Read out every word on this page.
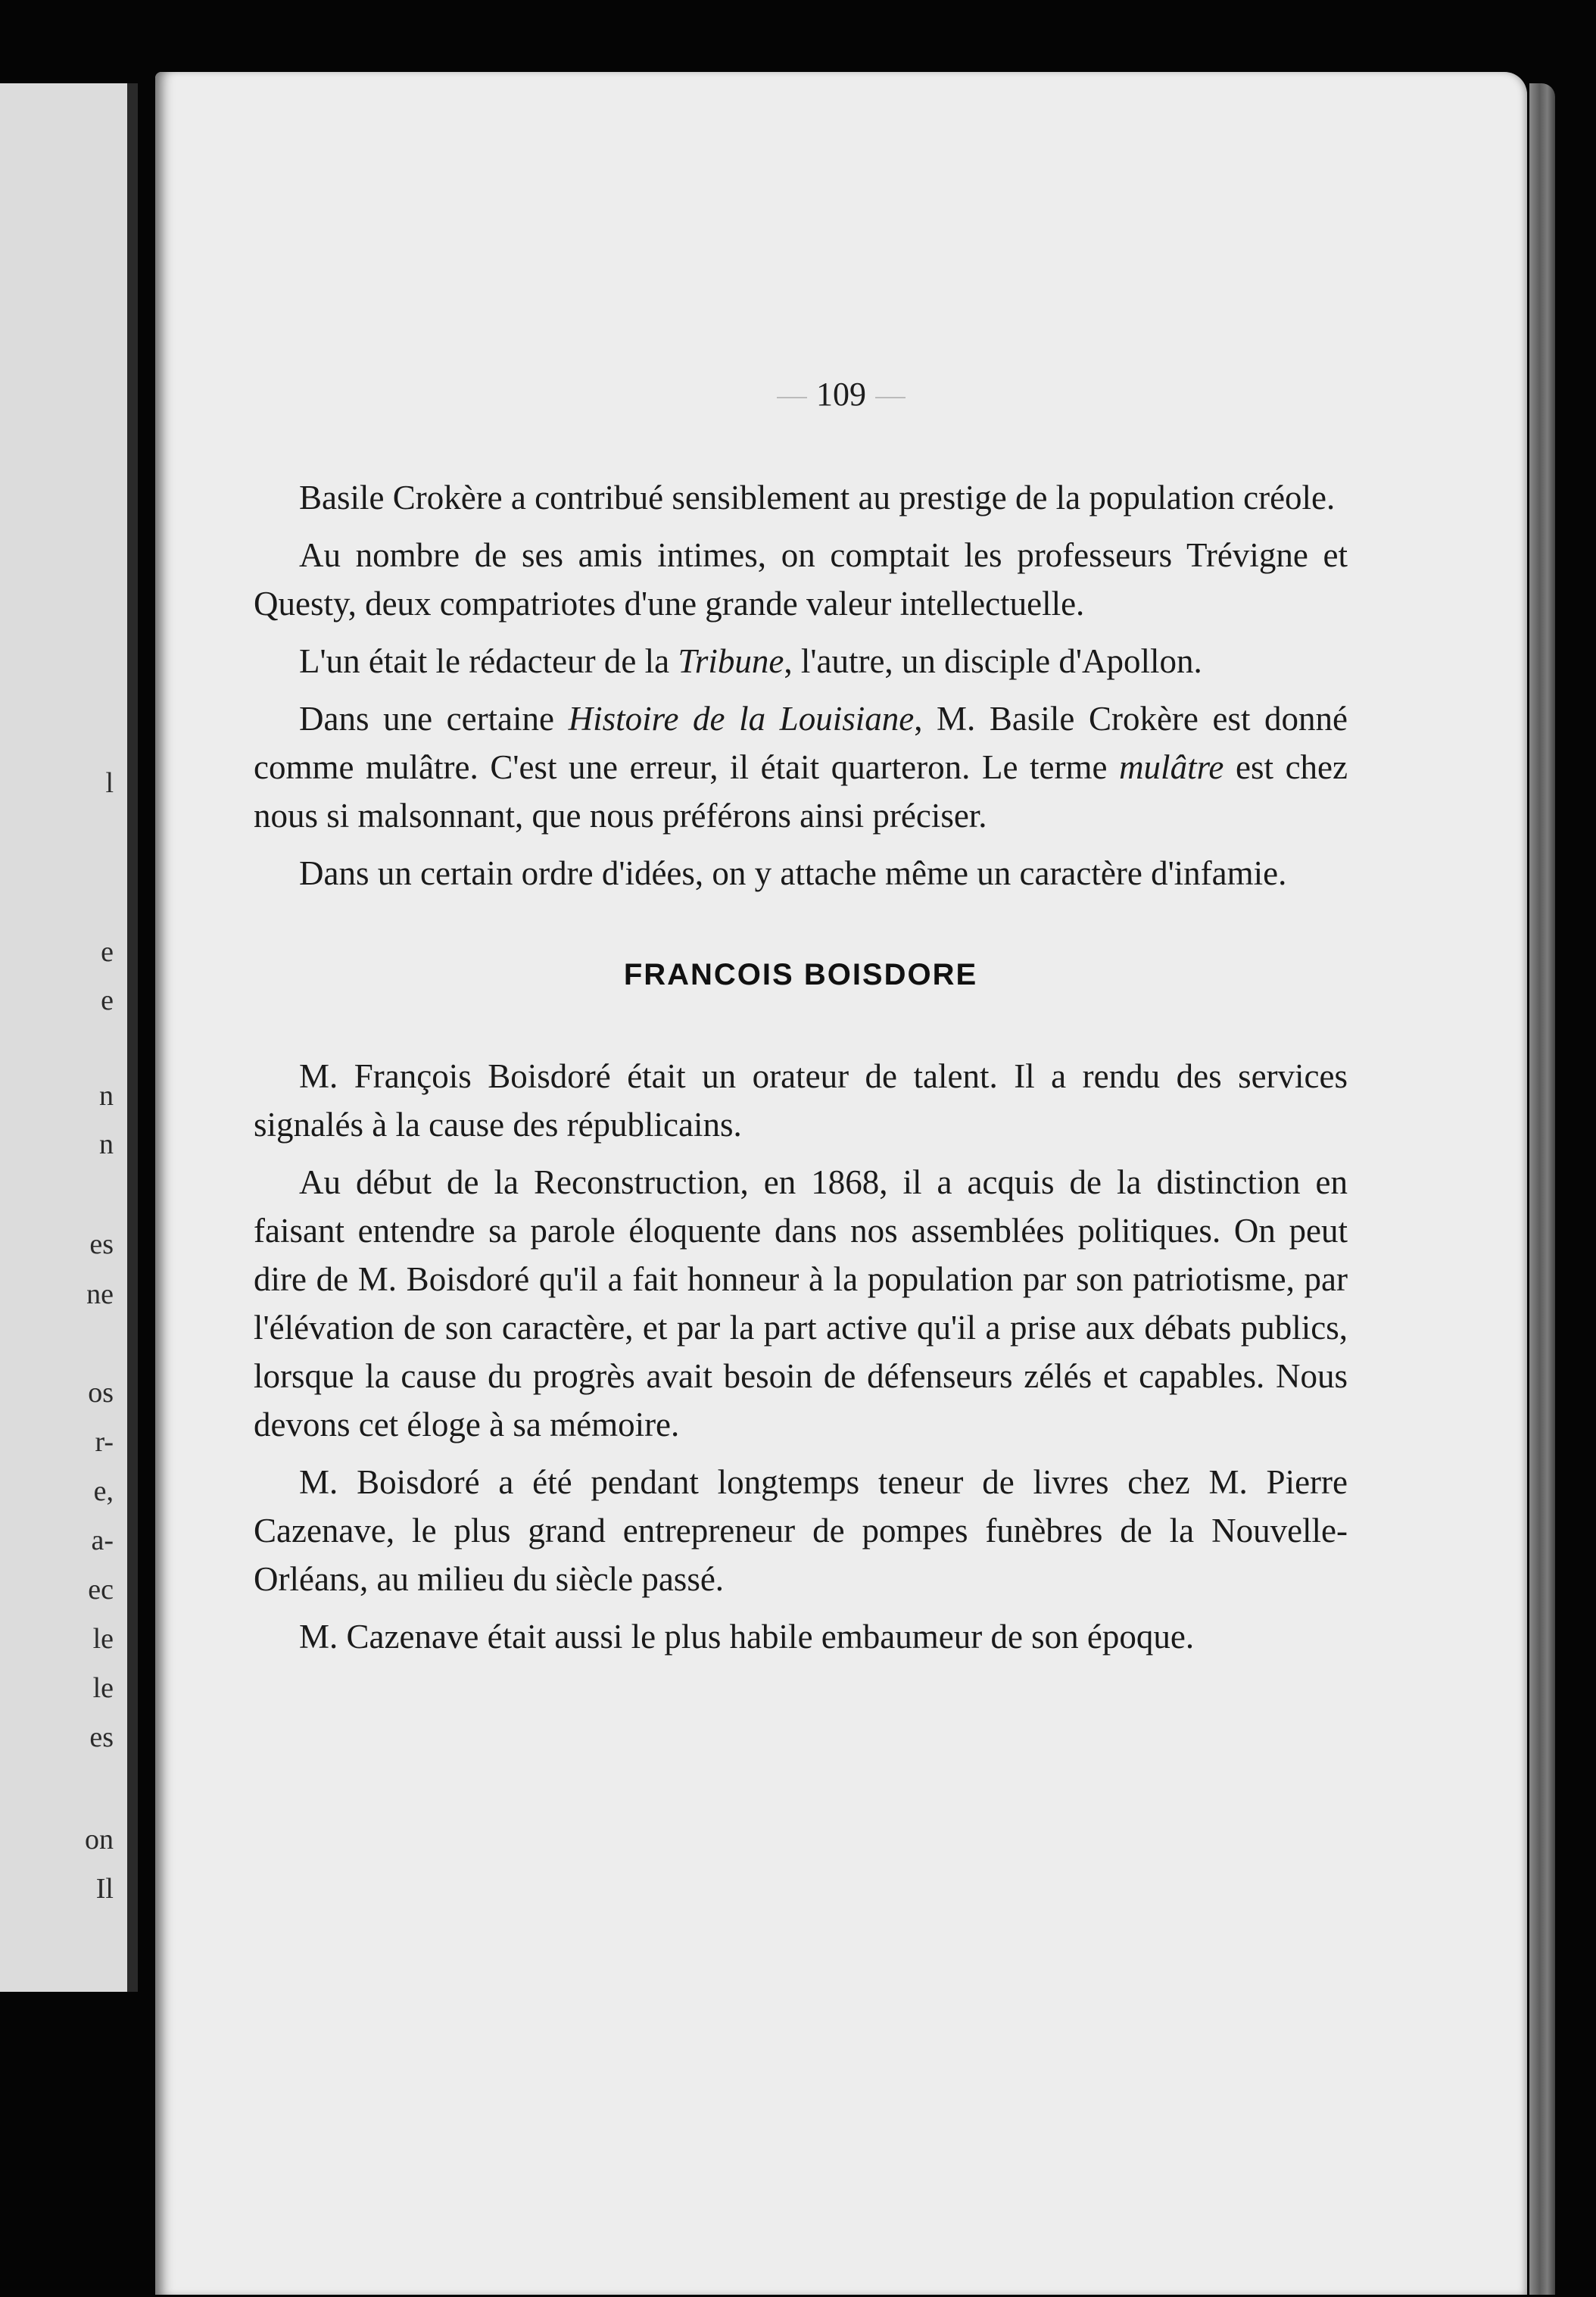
l
e
e
n
n
es
ne
os
r-
e,
a-
ec
le
le
es
on
Il
109

Basile Crokère a contribué sensiblement au prestige de la population créole.

Au nombre de ses amis intimes, on comptait les professeurs Trévigne et Questy, deux compatriotes d'une grande valeur intellectuelle.

L'un était le rédacteur de la Tribune, l'autre, un disciple d'Apollon.

Dans une certaine Histoire de la Louisiane, M. Basile Crokère est donné comme mulâtre. C'est une erreur, il était quarteron. Le terme mulâtre est chez nous si malsonnant, que nous préférons ainsi préciser.

Dans un certain ordre d'idées, on y attache même un caractère d'infamie.

FRANCOIS BOISDORE

M. François Boisdoré était un orateur de talent. Il a rendu des services signalés à la cause des républicains.

Au début de la Reconstruction, en 1868, il a acquis de la distinction en faisant entendre sa parole éloquente dans nos assemblées politiques. On peut dire de M. Boisdoré qu'il a fait honneur à la population par son patriotisme, par l'élévation de son caractère, et par la part active qu'il a prise aux débats publics, lorsque la cause du progrès avait besoin de défenseurs zélés et capables. Nous devons cet éloge à sa mémoire.

M. Boisdoré a été pendant longtemps teneur de livres chez M. Pierre Cazenave, le plus grand entrepreneur de pompes funèbres de la Nouvelle-Orléans, au milieu du siècle passé.

M. Cazenave était aussi le plus habile embaumeur de son époque.
